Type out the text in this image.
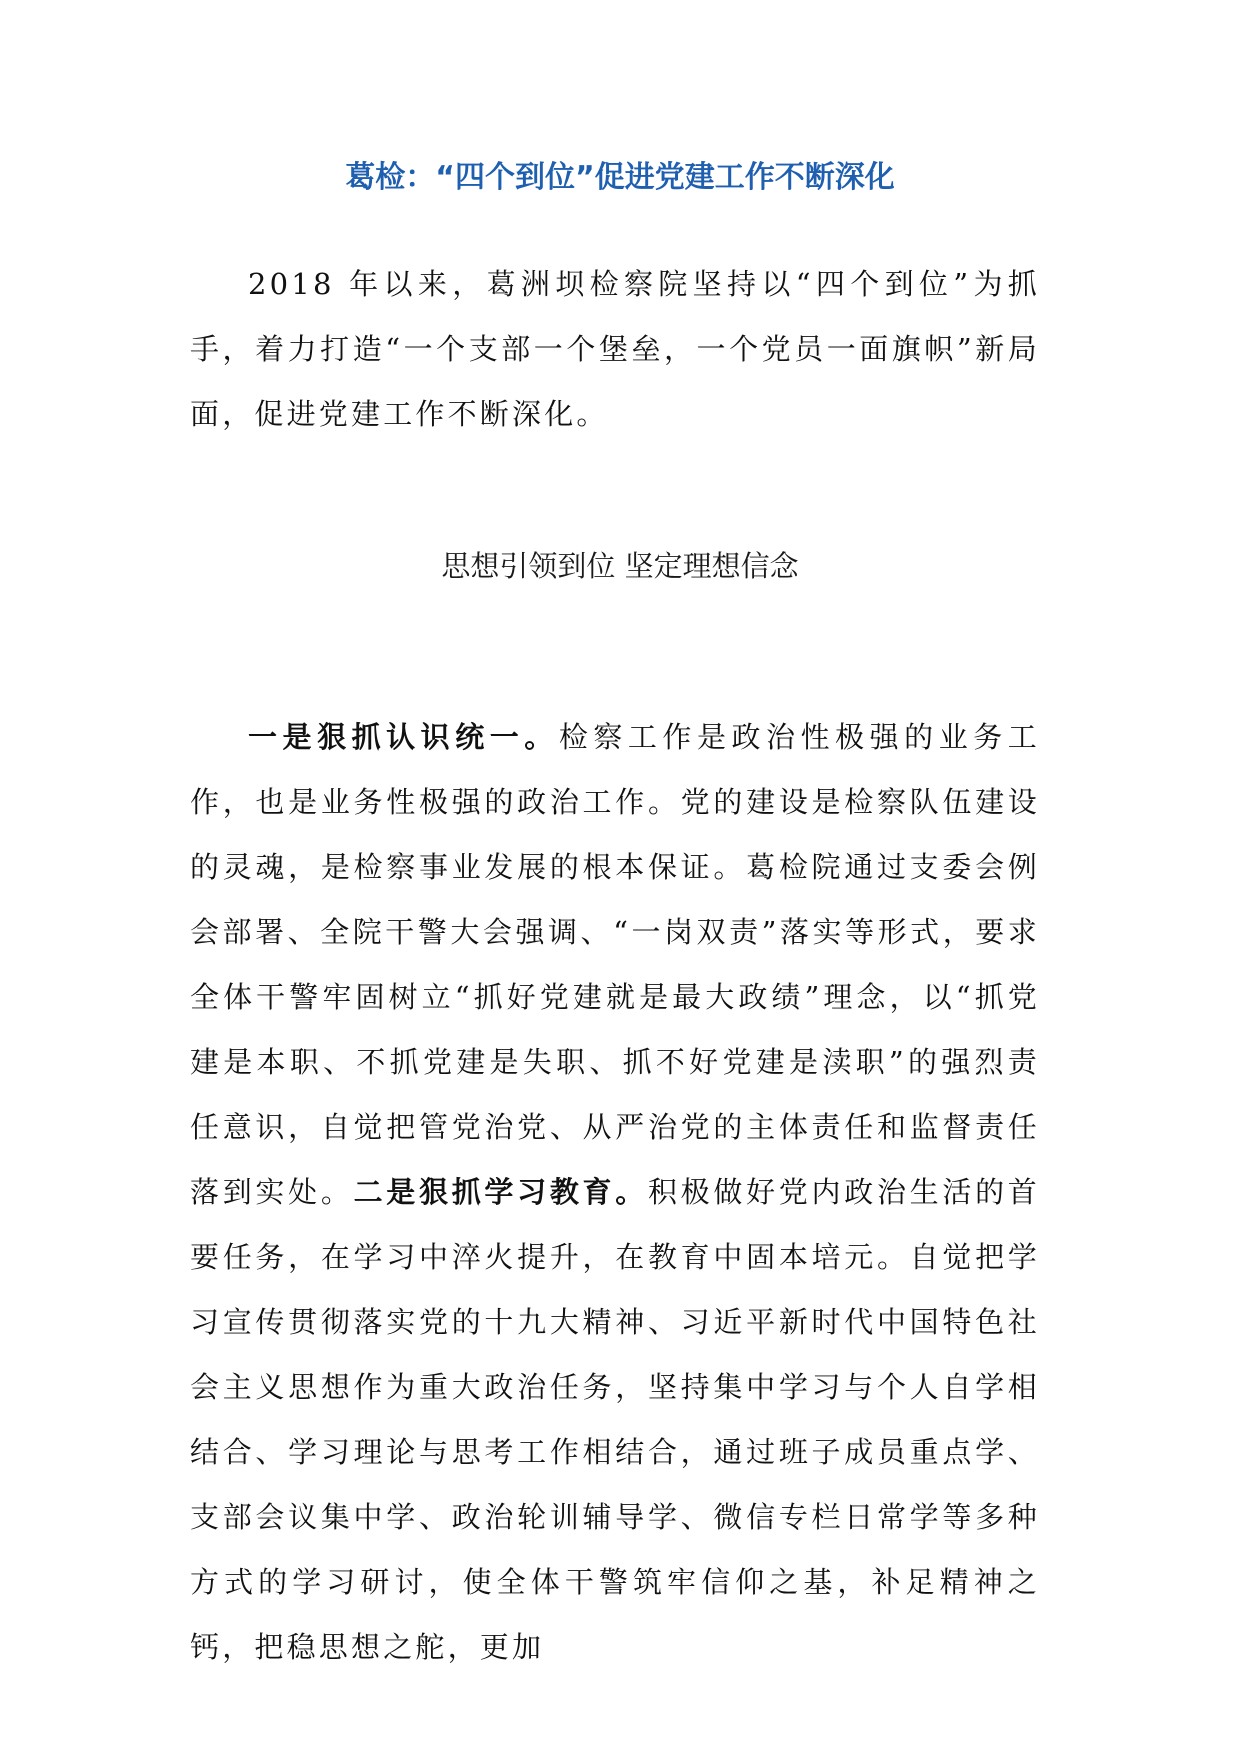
葛检：“四个到位”促进党建工作不断深化

2018 年以来，葛洲坝检察院坚持以“四个到位”为抓手，着力打造“一个支部一个堡垒，一个党员一面旗帜”新局面，促进党建工作不断深化。

思想引领到位 坚定理想信念

一是狠抓认识统一。检察工作是政治性极强的业务工作，也是业务性极强的政治工作。党的建设是检察队伍建设的灵魂，是检察事业发展的根本保证。葛检院通过支委会例会部署、全院干警大会强调、“一岗双责”落实等形式，要求全体干警牢固树立“抓好党建就是最大政绩”理念，以“抓党建是本职、不抓党建是失职、抓不好党建是渎职”的强烈责任意识，自觉把管党治党、从严治党的主体责任和监督责任落到实处。二是狠抓学习教育。积极做好党内政治生活的首要任务，在学习中淬火提升，在教育中固本培元。自觉把学习宣传贯彻落实党的十九大精神、习近平新时代中国特色社会主义思想作为重大政治任务，坚持集中学习与个人自学相结合、学习理论与思考工作相结合，通过班子成员重点学、支部会议集中学、政治轮训辅导学、微信专栏日常学等多种方式的学习研讨，使全体干警筑牢信仰之基，补足精神之钙，把稳思想之舵，更加
